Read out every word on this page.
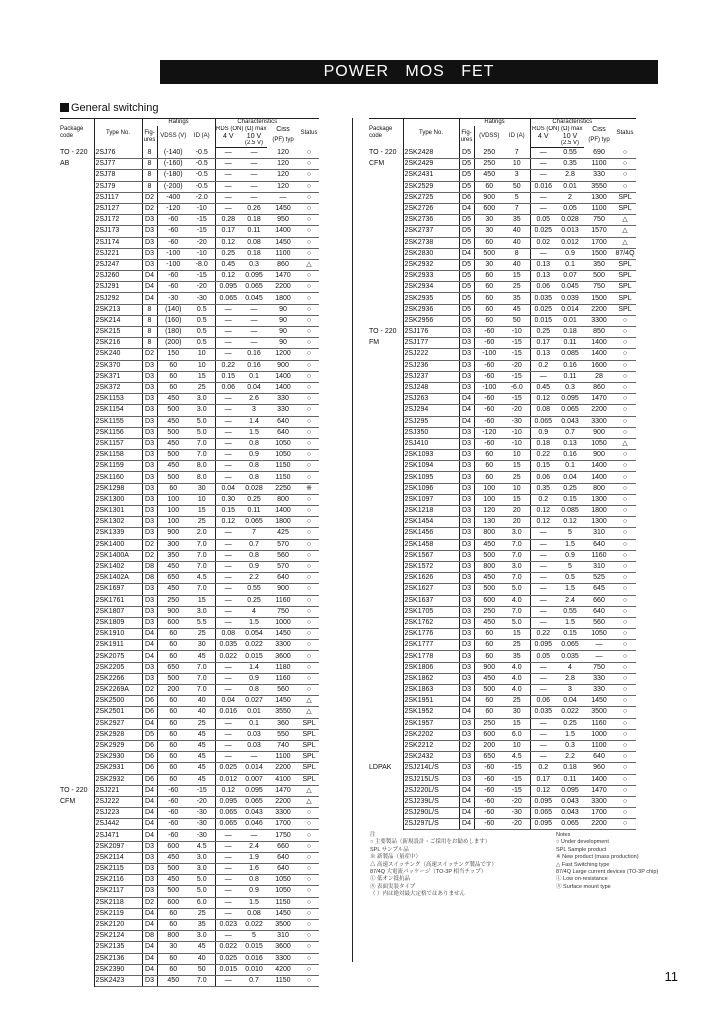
POWER MOS FET
General switching
Package
code	Type No.	Ratings			Characteristics			Status
		Fig-
ures	VDSS (V)	ID (A)	RDS (ON) (Ω) max		Ciss	
					4 V	10 V	(PF) typ	
						(2.5 V)		
TO - 220	2SJ76	8	(-140)	-0.5	—	—	120	○
AB	2SJ77	8	(-160)	-0.5	—	—	120	○
	2SJ78	8	(-180)	-0.5	—	—	120	○
	2SJ79	8	(-200)	-0.5	—	—	120	○
	2SJ117	D2	-400	-2.0	—	—	—	○
	2SJ127	D2	-120	-10	—	0.26	1450	○
	2SJ172	D3	-60	-15	0.28	0.18	950	○
	2SJ173	D3	-60	-15	0.17	0.11	1400	○
	2SJ174	D3	-60	-20	0.12	0.08	1450	○
	2SJ221	D3	-100	-10	0.25	0.18	1100	○
	2SJ247	D3	-100	-8.0	0.45	0.3	860	△
	2SJ260	D4	-60	-15	0.12	0.095	1470	○
	2SJ291	D4	-60	-20	0.095	0.065	2200	○
	2SJ292	D4	-30	-30	0.065	0.045	1800	○
	2SK213	8	(140)	0.5	—	—	90	○
	2SK214	8	(160)	0.5	—	—	90	○
	2SK215	8	(180)	0.5	—	—	90	○
	2SK216	8	(200)	0.5	—	—	90	○
	2SK240	D2	150	10	—	0.16	1200	○
	2SK370	D3	60	10	0.22	0.16	900	○
	2SK371	D3	60	15	0.15	0.1	1400	○
	2SK372	D3	60	25	0.06	0.04	1400	○
	2SK1153	D3	450	3.0	—	2.6	330	○
	2SK1154	D3	500	3.0	—	3	330	○
	2SK1155	D3	450	5.0	—	1.4	640	○
	2SK1156	D3	500	5.0	—	1.5	640	○
	2SK1157	D3	450	7.0	—	0.8	1050	○
	2SK1158	D3	500	7.0	—	0.9	1050	○
	2SK1159	D3	450	8.0	—	0.8	1150	○
	2SK1160	D3	500	8.0	—	0.8	1150	○
	2SK1298	D3	60	30	0.04	0.028	2250	※
	2SK1300	D3	100	10	0.30	0.25	800	○
	2SK1301	D3	100	15	0.15	0.11	1400	○
	2SK1302	D3	100	25	0.12	0.065	1800	○
	2SK1339	D3	900	2.0	—	7	425	○
	2SK1400	D2	300	7.0	—	0.7	570	○
	2SK1400A	D2	350	7.0	—	0.8	560	○
	2SK1402	D8	450	7.0	—	0.9	570	○
	2SK1402A	D8	650	4.5	—	2.2	640	○
	2SK1697	D3	450	7.0	—	0.55	900	○
	2SK1761	D3	250	15	—	0.25	1160	○
	2SK1807	D3	900	3.0	—	4	750	○
	2SK1809	D3	600	5.5	—	1.5	1000	○
	2SK1910	D4	60	25	0.08	0.054	1450	○
	2SK1911	D4	60	30	0.035	0.022	3300	○
	2SK2075	D4	60	45	0.022	0.015	3600	○
	2SK2205	D3	650	7.0	—	1.4	1180	○
	2SK2266	D3	500	7.0	—	0.9	1160	○
	2SK2269A	D2	200	7.0	—	0.8	560	○
	2SK2500	D6	60	40	0.04	0.027	1450	△
	2SK2501	D6	60	40	0.016	0.01	3550	△
	2SK2927	D4	60	25	—	0.1	360	SPL
	2SK2928	D5	60	45	—	0.03	550	SPL
	2SK2929	D6	60	45	—	0.03	740	SPL
	2SK2930	D6	60	45	—	—	1100	SPL
	2SK2931	D6	60	45	0.025	0.014	2200	SPL
	2SK2932	D6	60	45	0.012	0.007	4100	SPL
TO - 220	2SJ221	D4	-60	-15	0.12	0.095	1470	△
CFM	2SJ222	D4	-60	-20	0.095	0.065	2200	△
	2SJ223	D4	-60	-30	0.065	0.043	3300	○
	2SJ442	D4	-60	-30	0.065	0.046	1700	○
	2SJ471	D4	-60	-30	—	—	1750	○
	2SK2097	D3	600	4.5	—	2.4	660	○
	2SK2114	D3	450	3.0	—	1.9	640	○
	2SK2115	D3	500	3.0	—	1.6	640	○
	2SK2116	D3	450	5.0	—	0.8	1050	○
	2SK2117	D3	500	5.0	—	0.9	1050	○
	2SK2118	D2	600	6.0	—	1.5	1150	○
	2SK2119	D4	60	25	—	0.08	1450	○
	2SK2120	D4	60	35	0.023	0.022	3500	○
	2SK2124	D8	800	3.0	—	5	310	○
	2SK2135	D4	30	45	0.022	0.015	3600	○
	2SK2136	D4	60	40	0.025	0.016	3300	○
	2SK2390	D4	60	50	0.015	0.010	4200	○
	2SK2423	D3	450	7.0	—	0.7	1150	○
Package
code	Type No.	Ratings			Characteristics			Status
		Fig-
ures	(VDSS)	ID (A)	RDS (ON) (Ω) max		Ciss	
					4 V	10 V	(PF) typ	
						(2.5 V)		
TO - 220	2SK2428	D5	250	7	—	0.55	690	○
CFM	2SK2429	D5	250	10	—	0.35	1100	○
	2SK2431	D5	450	3	—	2.8	330	○
	2SK2529	D5	60	50	0.016	0.01	3550	○
	2SK2725	D6	900	5	—	2	1300	SPL
	2SK2726	D4	600	7	—	0.05	1100	SPL
	2SK2736	D5	30	35	0.05	0.028	750	△
	2SK2737	D5	30	40	0.025	0.013	1570	△
	2SK2738	D5	60	40	0.02	0.012	1700	△
	2SK2830	D4	500	8	—	0.9	1500	87/4Q
	2SK2932	D5	30	40	0.13	0.1	350	SPL
	2SK2933	D5	60	15	0.13	0.07	500	SPL
	2SK2934	D5	60	25	0.06	0.045	750	SPL
	2SK2935	D5	60	35	0.035	0.039	1500	SPL
	2SK2936	D5	60	45	0.025	0.014	2200	SPL
	2SK2956	D5	60	50	0.015	0.01	3300	○
TO - 220	2SJ176	D3	-60	-10	0.25	0.18	850	○
FM	2SJ177	D3	-60	-15	0.17	0.11	1400	○
	2SJ222	D3	-100	-15	0.13	0.085	1400	○
	2SJ236	D3	-60	-20	0.2	0.16	1600	○
	2SJ237	D3	-60	-15	—	0.11	28	○
	2SJ248	D3	-100	-6.0	0.45	0.3	860	○
	2SJ263	D4	-60	-15	0.12	0.095	1470	○
	2SJ294	D4	-60	-20	0.08	0.065	2200	○
	2SJ295	D4	-60	-30	0.065	0.043	3300	○
	2SJ350	D3	-120	-10	0.9	0.7	900	○
	2SJ410	D3	-60	-10	0.18	0.13	1050	△
	2SK1093	D3	60	10	0.22	0.16	900	○
	2SK1094	D3	60	15	0.15	0.1	1400	○
	2SK1095	D3	60	25	0.06	0.04	1400	○
	2SK1096	D3	100	10	0.35	0.25	800	○
	2SK1097	D3	100	15	0.2	0.15	1300	○
	2SK1218	D3	120	20	0.12	0.085	1800	○
	2SK1454	D3	130	20	0.12	0.12	1300	○
	2SK1456	D3	800	3.0	—	5	310	○
	2SK1458	D3	450	7.0	—	1.5	640	○
	2SK1567	D3	500	7.0	—	0.9	1160	○
	2SK1572	D3	800	3.0	—	5	310	○
	2SK1626	D3	450	7.0	—	0.5	525	○
	2SK1627	D3	500	5.0	—	1.5	645	○
	2SK1637	D3	600	4.0	—	2.4	660	○
	2SK1705	D3	250	7.0	—	0.55	640	○
	2SK1762	D3	450	5.0	—	1.5	560	○
	2SK1776	D3	60	15	0.22	0.15	1050	○
	2SK1777	D3	60	25	0.095	0.065	—	○
	2SK1778	D3	60	35	0.05	0.035	—	○
	2SK1806	D3	900	4.0	—	4	750	○
	2SK1862	D3	450	4.0	—	2.8	330	○
	2SK1863	D3	500	4.0	—	3	330	○
	2SK1951	D4	60	25	0.06	0.04	1450	○
	2SK1952	D4	60	30	0.035	0.022	3500	○
	2SK1957	D3	250	15	—	0.25	1160	○
	2SK2202	D3	600	6.0	—	1.5	1000	○
	2SK2212	D2	200	10	—	0.3	1100	○
	2SK2432	D3	650	4.5	—	2.2	640	○
LDPAK	2SJ214L/S	D3	-60	-15	0.2	0.18	960	○
	2SJ215L/S	D3	-60	-15	0.17	0.11	1400	○
	2SJ220L/S	D4	-60	-15	0.12	0.095	1470	○
	2SJ239L/S	D4	-60	-20	0.095	0.043	3300	○
	2SJ290L/S	D4	-60	-30	0.065	0.043	1700	○
	2SJ297L/S	D4	-60	-20	0.095	0.065	2200	○
注
○ 主要製品（新規設計・ご採用をお勧めします）
SPL サンプル品
※ 新製品（量産中）
△ 高速スイッチング（高速スイッチング製品です）
87/4Q 大電流パッケージ（TO-3P 相当チップ）
Ⓛ 低オン抵抗品
Ⓢ 表面実装タイプ
（ ）内は絶対最大定格ではありません
Notes
○ Under development
SPL Sample product
※ New product (mass production)
△ Fast Switching type
87/4Q Large current devices (TO-3P chip)
Ⓛ Low on-resistance
Ⓢ Surface mount type
11
